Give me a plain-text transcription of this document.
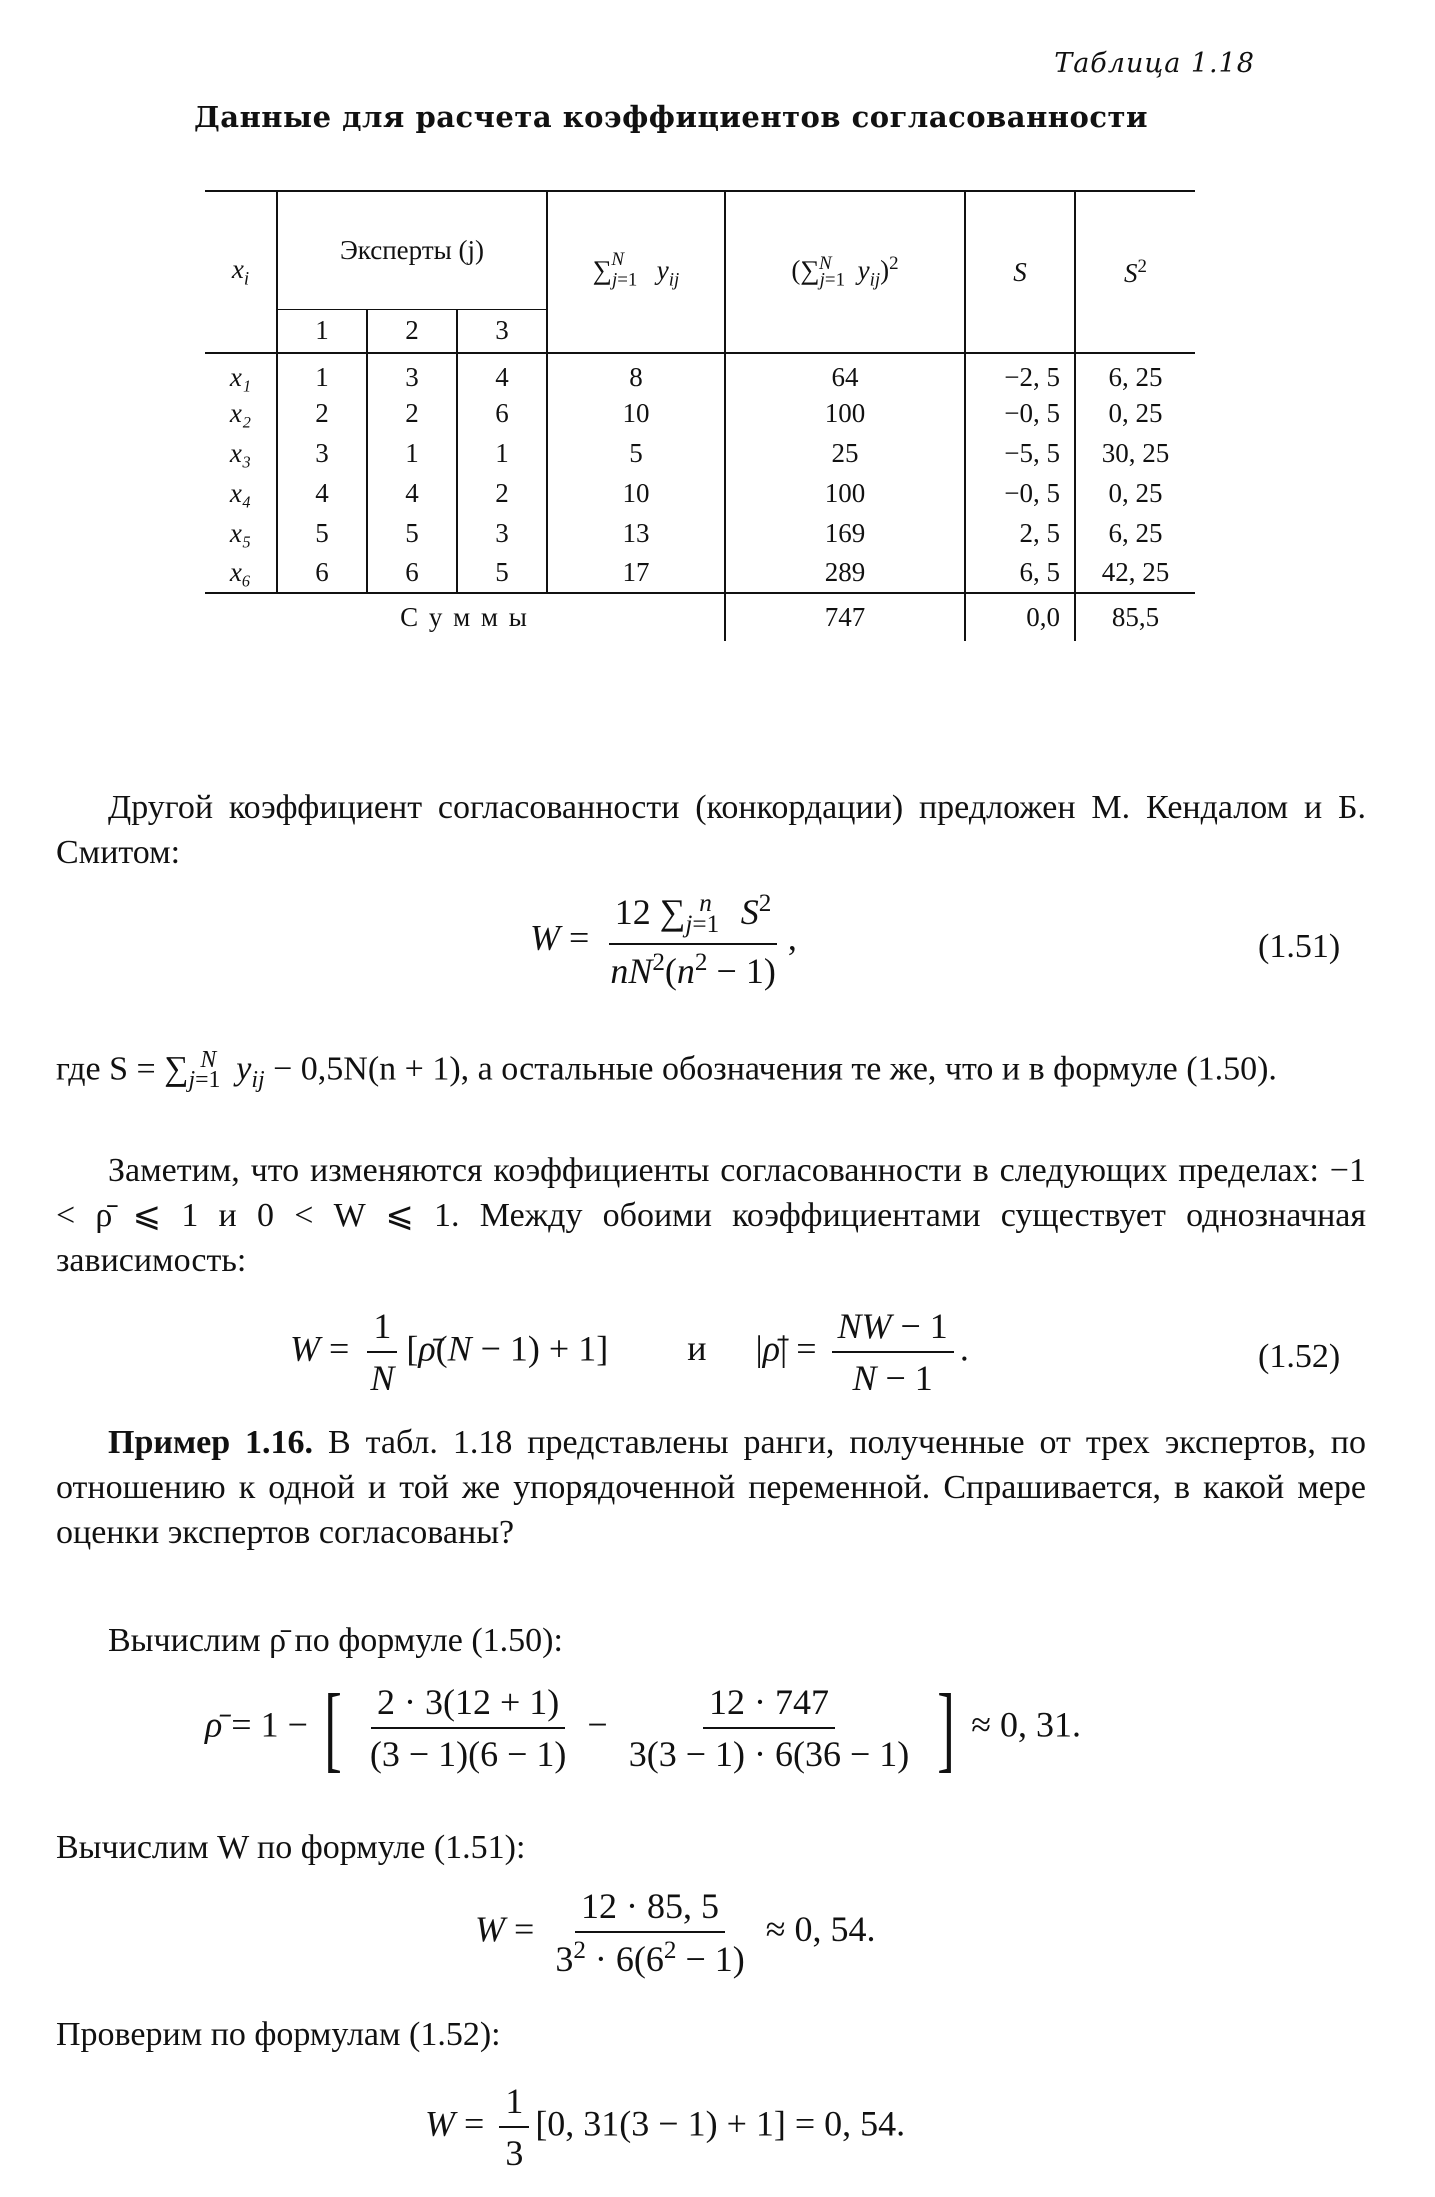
Таблица 1.18
Данные для расчета коэффициентов согласованности
$x_i$	Эксперты (j)			$\sum_{j=1}^N$ $y_{ij}$	($\sum_{j=1}^N$ $y_{ij})^2$	S	$S^2$
	1	2	3				
x₁	1	3	4	8	64	−2, 5	6, 25
x₂	2	2	6	10	100	−0, 5	0, 25
x₃	3	1	1	5	25	−5, 5	30, 25
x₄	4	4	2	10	100	−0, 5	0, 25
x₅	5	5	3	13	169	2, 5	6, 25
x₆	6	6	5	17	289	6, 5	42, 25
С у м м ы					747	0,0	85,5
Другой коэффициент согласованности (конкордации) предложен М. Кендалом и Б. Смитом:
$W = \frac{12 \sum_{j=1}^n S^2}{nN^2(n^2 - 1)}$ ,	(1.51)
где $S = \sum_{j=1}^N$ $y_{ij} - 0,5N(n + 1)$, а остальные обозначения те же, что и в формуле (1.50).
Заметим, что изменяются коэффициенты согласованности в следующих пределах: −1 < ρ̄ ⩽ 1 и 0 < W ⩽ 1. Между обоими коэффициентами существует однозначная зависимость:
$W = \frac{1}{N}$ [ρ̄(N − 1) + 1] и |ρ̄| = $\frac{NW - 1}{N - 1}$ .	(1.52)
Пример 1.16. В табл. 1.18 представлены ранги, полученные от трех экспертов, по отношению к одной и той же упорядоченной переменной. Спрашивается, в какой мере оценки экспертов согласованы?
Вычислим ρ̄ по формуле (1.50):
ρ̄ = 1 − [ $\frac{2 \cdot 3(12 + 1)}{(3 - 1)(6 - 1)} - \frac{12 \cdot 747}{3(3 - 1) \cdot 6(36 - 1)}$ ] ≈ 0, 31.
Вычислим W по формуле (1.51):
$W = \frac{12 \cdot 85, 5}{3^2 \cdot 6(6^2 - 1)} \approx 0$, 54.
Проверим по формулам (1.52):
$W = \frac{1}{3} [0$, 31(3 − 1) + 1] = 0, 54.
